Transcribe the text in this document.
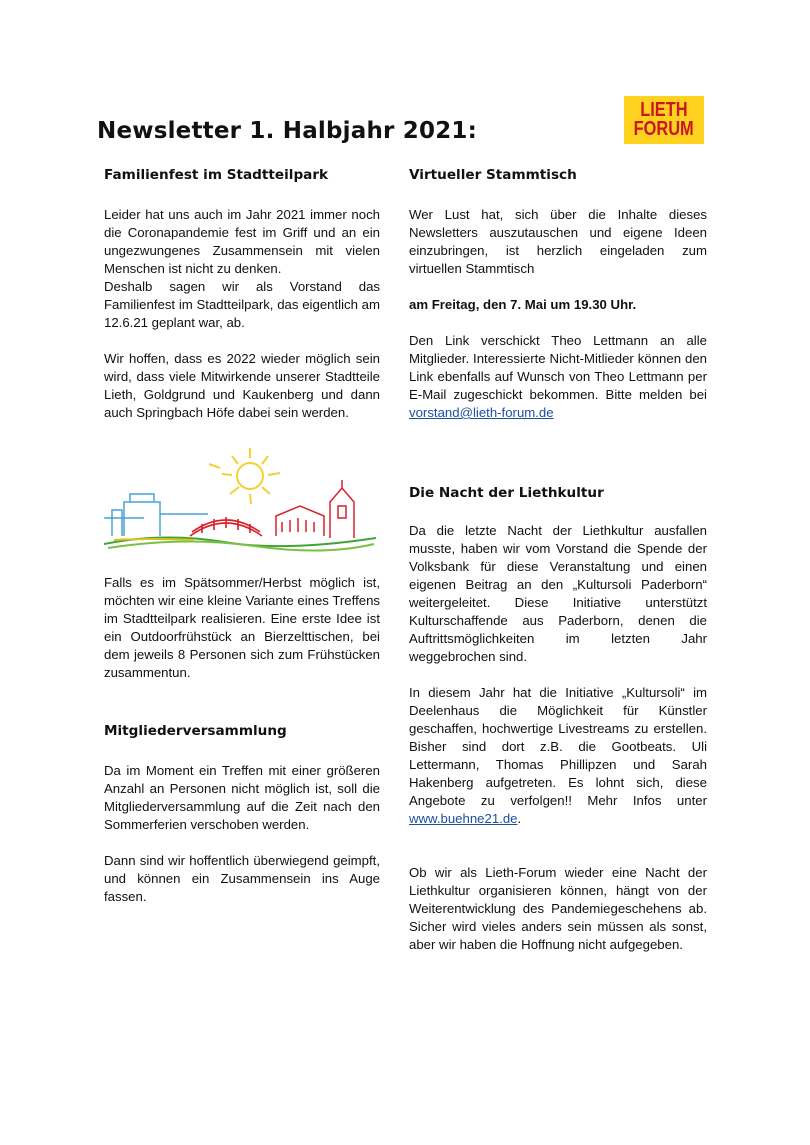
Newsletter 1. Halbjahr 2021:
LIETH
FORUM
Familienfest im Stadtteilpark

Leider hat uns auch im Jahr 2021 immer noch die Coronapandemie fest im Griff und an ein ungezwungenes Zusammensein mit vielen Menschen ist nicht zu denken.

Deshalb sagen wir als Vorstand das Familienfest im Stadtteilpark, das eigentlich am 12.6.21 geplant war, ab.

Wir hoffen, dass es 2022 wieder möglich sein wird, dass viele Mitwirkende unserer Stadtteile Lieth, Goldgrund und Kaukenberg und dann auch Springbach Höfe dabei sein werden.

Falls es im Spätsommer/Herbst möglich ist, möchten wir eine kleine Variante eines Treffens im Stadtteilpark realisieren. Eine erste Idee ist ein Outdoorfrühstück an Bierzelttischen, bei dem jeweils 8 Personen sich zum Frühstücken zusammentun.

Mitgliederversammlung

Da im Moment ein Treffen mit einer größeren Anzahl an Personen nicht möglich ist, soll die Mitgliederversammlung auf die Zeit nach den Sommerferien verschoben werden.

Dann sind wir hoffentlich überwiegend geimpft, und können ein Zusammensein ins Auge fassen.

Virtueller Stammtisch

Wer Lust hat, sich über die Inhalte dieses Newsletters auszutauschen und eigene Ideen einzubringen, ist herzlich eingeladen zum virtuellen Stammtisch

am Freitag, den 7. Mai um 19.30 Uhr.

Den Link verschickt Theo Lettmann an alle Mitglieder. Interessierte Nicht-Mitlieder können den Link ebenfalls auf Wunsch von Theo Lettmann per E-Mail zugeschickt bekommen. Bitte melden bei vorstand@lieth-forum.de

Die Nacht der Liethkultur

Da die letzte Nacht der Liethkultur ausfallen musste, haben wir vom Vorstand die Spende der Volksbank für diese Veranstaltung und einen eigenen Beitrag an den „Kultursoli Paderborn“ weitergeleitet. Diese Initiative unterstützt Kulturschaffende aus Paderborn, denen die Auftrittsmöglichkeiten im letzten Jahr weggebrochen sind.

In diesem Jahr hat die Initiative „Kultursoli“ im Deelenhaus die Möglichkeit für Künstler geschaffen, hochwertige Livestreams zu erstellen. Bisher sind dort z.B. die Gootbeats. Uli Lettermann, Thomas Phillipzen und Sarah Hakenberg aufgetreten. Es lohnt sich, diese Angebote zu verfolgen!! Mehr Infos unter www.buehne21.de.

Ob wir als Lieth-Forum wieder eine Nacht der Liethkultur organisieren können, hängt von der Weiterentwicklung des Pandemiegeschehens ab. Sicher wird vieles anders sein müssen als sonst, aber wir haben die Hoffnung nicht aufgegeben.
